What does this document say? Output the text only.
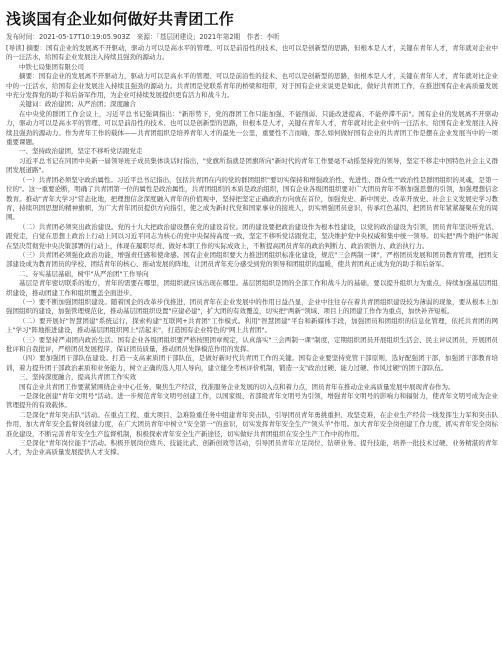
浅谈国有企业如何做好共青团工作
发布时间：2021-05-17T10:19:05.903Z　来源：「基层团建设」2021年第2期　作者：李昕

[导读] 摘要：国有企业的发展离不开驱动，驱动力可以是高水平的管理、可以是前沿性的技术、也可以是创新型的思路，但根本是人才，关键在青年人才，青年就对企业中的一汪活水，给国有企业发展注入持续且强劲的源动力。

中铁七局集团有限公司

摘要：国有企业的发展离不开驱动力，驱动力可以是高水平的管理、可以是前沿性的技术、也可以是创新型的思路，但根本是人才，关键在青年人才，青年就对比企业中的一汪活水，给国有企业发展注入持续且强劲的源动力。共青团是党联系青年的桥梁和纽带，对于国有企业来说更是如此，做好共青团工作，在推进国有企业高质量发展中充分发挥党的助手和后备军作用，为企业可持续发展提供更有活力和战斗力。

关键词：政治建团；从严治团；深度融合

在中央党的群团工作会议上，习近平总书记强调指出："新形势下，党的群团工作只能加强、不能削弱、只能改进提高、不能停滞不前"。国有企业的发展离不开驱动力，驱动力可以是高水平的管理、可以是前沿性的技术、也可以是创新型的思路，但根本是人才，关键在青年人才，青年就对比企业中的一汪活水，给国有企业发展注入持续且强劲的源动力。作为青年工作的载体——共青团组织是培养青年人才的最先一公里，重要性不言而喻，那么如何做好国有企业的共青团工作是摆在企业发展当中的一项重要课题。

一、坚持政治建团，坚定不移听党话跟党走

习近平总书记在同团中央新一届领导班子成员集体谈话时指出，"党旗所指就是团旗所向"新时代的青年工作要毫不动摇坚持党的领导，坚定不移走中国特色社会主义群团发展道路"。

（一）共青团必须坚守政治属性。习近平总书记指出，包括共青团在内的党的群团组织"要切实保持和增强政治性、先进性、群众性""政治性是群团组织的灵魂，是第一位的"。这一重要论断，明确了共青团第一位的属性是政治属性，共青团组织的本质是政治组织，国有企业各级团组织要对广大团员青年不断加强思想的引领，加强理想信念教育。推动"青年大学习"常态化地，把理想信念深度融入青年的价值观中，坚持把坚定正确政治方向放在首位，加强党史、新中国史、改革开放史、社会主义发展史学习教育，持续巩固思想的精神旗帜，为广大青年团员提供方向指引，使之成为新时代党和国家事业的接班人，切实增强团员意识，传承红色基因，把团员青年紧紧凝聚在党的周围。

（二）共青团必须突出政治建设。党的十九大把政治建设摆在党的建设首位。团的建设要把政治建设作为根本性建设，以党的政治建设为引领，团员青年坚决听党话、跟党走，自觉在思想上政治上行动上同以习近平同志为核心的党中央保持高度一致，坚定不移听党话跟党走，坚决维护党中央权威和集中统一领导。切实把"两个维护"体现在坚决贯彻党中央决策部署的行动上，体现在履职尽责、做好本职工作的实际成效上，不断提高团员青年的政治判断力、政治领悟力、政治执行力。

（三）共青团必须强化政治功能，增强责任感和使命感。国有企业团组织要大力推进团组织标准化建设，规范"三会两制一课"，严格团员发展和团员教育管理，把团支部建设成为教育团员的学校、团结青年的核心、推动发展的阵地，让团员青年充分感受到党的领导和团组织的温暖，使共青团真正成为党的助手和后备军。

二、夯实基层基础，树牢"从严治团"工作导向

基层是青年密切联系的地方，青年的需要在哪里，团组织就应该出现在哪里。基层团组织是团的全部工作和战斗力的基础，要以提升组织力为重点，持续加强基层团组织建设，推动团建工作和组织覆盖全面进步。

（一）要不断加强团组织建设。随着国企的改革步伐推进，团员青年在企业发展中的作用日益凸显，企业中往往存在着共青团组织建设较为薄弱的现象，要从根本上加强团组织的建设，加强管理规范化，推动基层团组织设置"应建必建"，扩大团的有效覆盖，切实把"两新"领域、项目上的团建工作作为重点，加快补齐短板。

（二）要开展好"智慧团建"系统运行，探索构建"互联网+共青团"工作模式。利用"智慧团建"平台和新媒体手段，加强团员和团组织的信息化管理，依托共青团的网上"学习"阵地推进建设，推动基层团组织网上"活起来"，打造国有企业特色的"网上共青团"。

（三）要坚持严肃团内政治生活。国有企业各级团组织要严格按照团章规定，认真落实"三会两制一课"制度，定期组织团员开展组织生活会、民主评议团员，开展团员批评和自我批评，严格团员发展程序，保证团员质量，推动团员先锋模范作用的发挥。

（四）要加强团干部队伍建设。打造一支高素质团干部队伍，是做好新时代共青团工作的关键。国有企业要坚持党管干部原则，选好配强团干部，加强团干部教育培训，着力提升团干部政治素质和业务能力，树立正确的选人用人导向，建立健全考核评价机制，锻造一支"政治过硬、能力过硬、作风过硬"的团干部队伍。

三、坚持深度融合，提高共青团工作实效

国有企业共青团工作要紧紧围绕企业中心任务，聚焦生产经营，找准服务企业发展的切入点和着力点，团员青年在推动企业高质量发展中展现青春作为。

一是深化创建"青年文明号"活动。进一步规范青年文明号创建工作，以国家级、省部级青年文明号为引领，增强青年文明号的影响力和辐射力，使青年文明号成为企业管理提升的有效载体。

二是深化"青年突击队"活动。在重点工程、重大项目、急难险重任务中组建青年突击队，引导团员青年勇挑重担、攻坚克难，在企业生产经营一线发挥生力军和突击队作用，加大青年安全监督岗创建力度，在广大团员青年中树立"安全第一"的意识，切实发挥青年安全生产"领头羊"作用。加大青年安全岗创建工作力度，抓实青年安全岗标准化建设，不断完善青年安全生产监督机制，积极探索青年安全生产新途径，切实做好共青团组织在安全生产工作中的作用。

三是深化"青年岗位能手"活动。积极开展岗位练兵、技能比武、创新创效等活动，引导团员青年立足岗位、钻研业务、提升技能，培养一批技术过硬、业务精湛的青年人才，为企业高质量发展提供人才支撑。
